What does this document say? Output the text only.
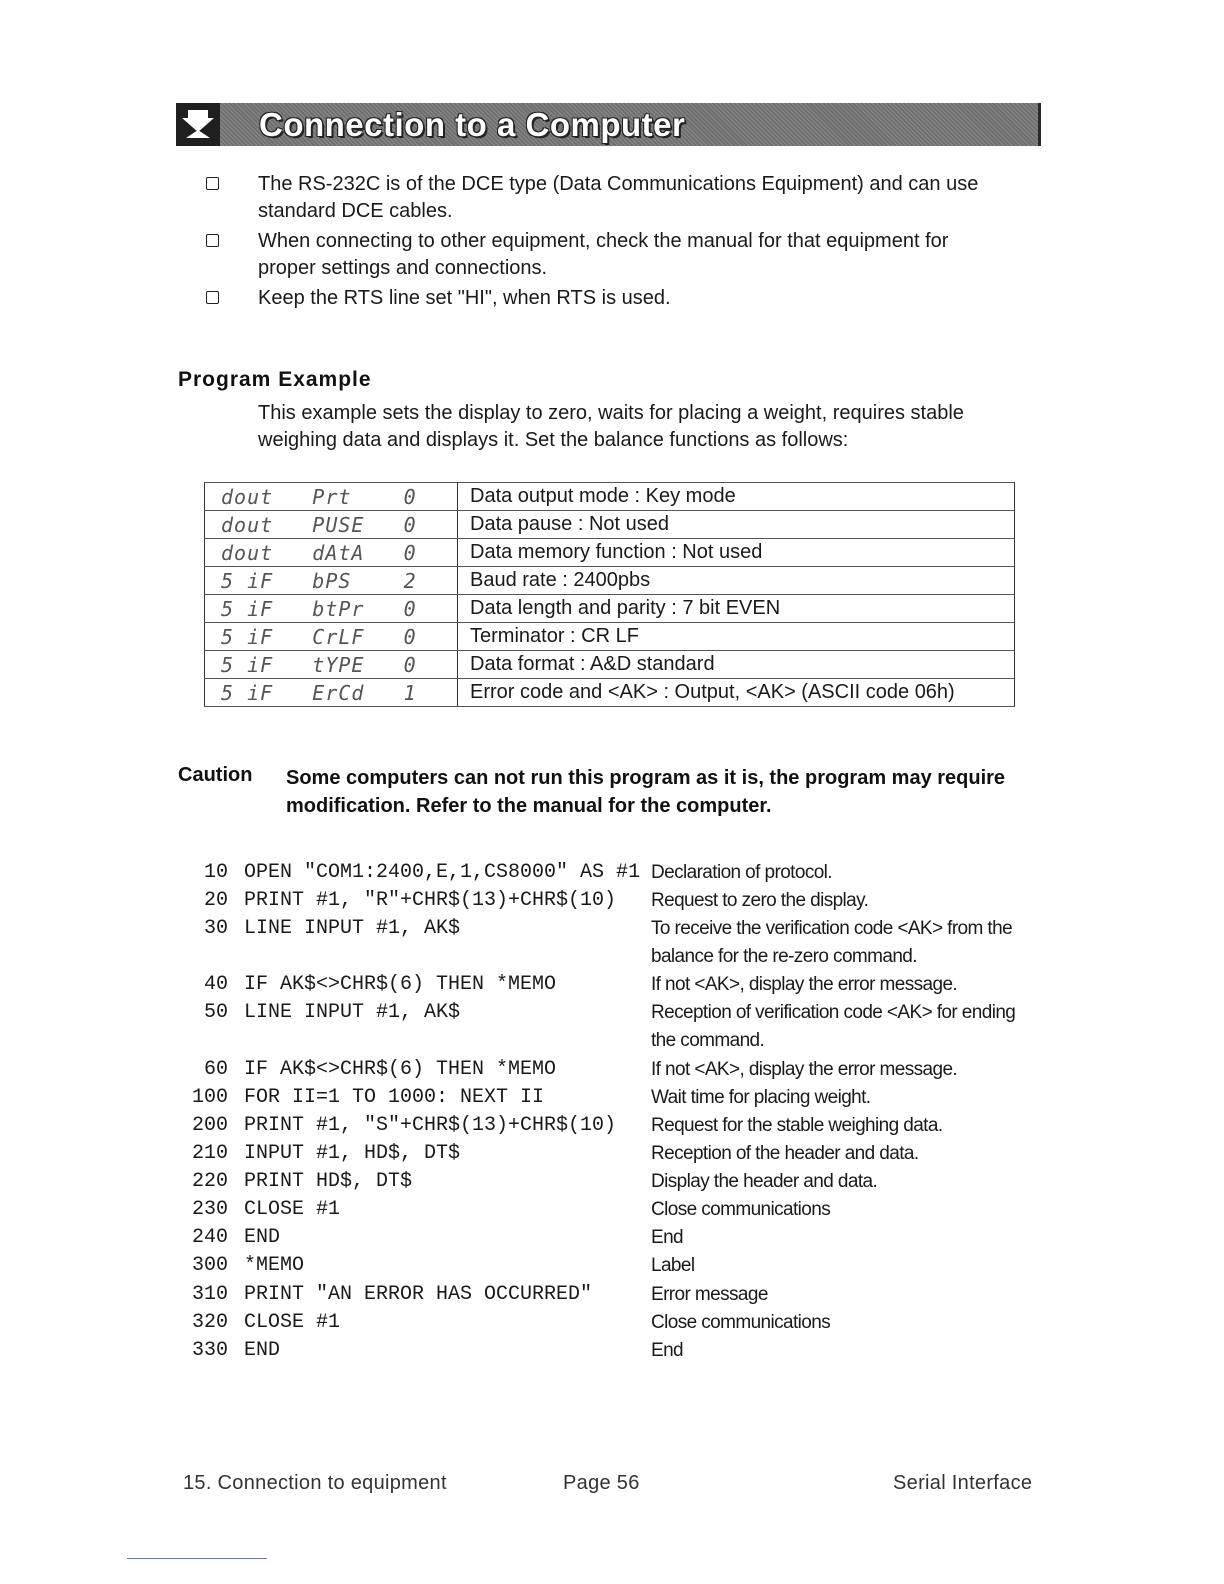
Connection to a Computer
The RS-232C is of the DCE type (Data Communications Equipment) and can use standard DCE cables.
When connecting to other equipment, check the manual for that equipment for proper settings and connections.
Keep the RTS line set "HI", when RTS is used.
Program Example
This example sets the display to zero, waits for placing a weight, requires stable weighing data and displays it. Set the balance functions as follows:
dout   Prt    0	Data output mode : Key mode
dout   PUSE   0	Data pause : Not used
dout   dAtA   0	Data memory function : Not used
5 iF   bPS    2	Baud rate : 2400pbs
5 iF   btPr   0	Data length and parity : 7 bit EVEN
5 iF   CrLF   0	Terminator : CR LF
5 iF   tYPE   0	Data format : A&D standard
5 iF   ErCd   1	Error code and <AK> : Output, <AK> (ASCII code 06h)
Caution Some computers can not run this program as it is, the program may require modification. Refer to the manual for the computer.
10 OPEN "COM1:2400,E,1,CS8000" AS #1 Declaration of protocol.
20 PRINT #1, "R"+CHR$(13)+CHR$(10)	Request to zero the display.
30 LINE INPUT #1, AK$	To receive the verification code <AK> from the balance for the re-zero command.
40 IF AK$<>CHR$(6) THEN *MEMO	If not <AK>, display the error message.
50 LINE INPUT #1, AK$	Reception of verification code <AK> for ending the command.
60 IF AK$<>CHR$(6) THEN *MEMO	If not <AK>, display the error message.
100 FOR II=1 TO 1000: NEXT II	Wait time for placing weight.
200 PRINT #1, "S"+CHR$(13)+CHR$(10)	Request for the stable weighing data.
210 INPUT #1, HD$, DT$	Reception of the header and data.
220 PRINT HD$, DT$	Display the header and data.
230 CLOSE #1	Close communications
240 END	End
300 *MEMO	Label
310 PRINT "AN ERROR HAS OCCURRED"	Error message
320 CLOSE #1	Close communications
330 END	End
15. Connection to equipment	Page 56	Serial Interface
